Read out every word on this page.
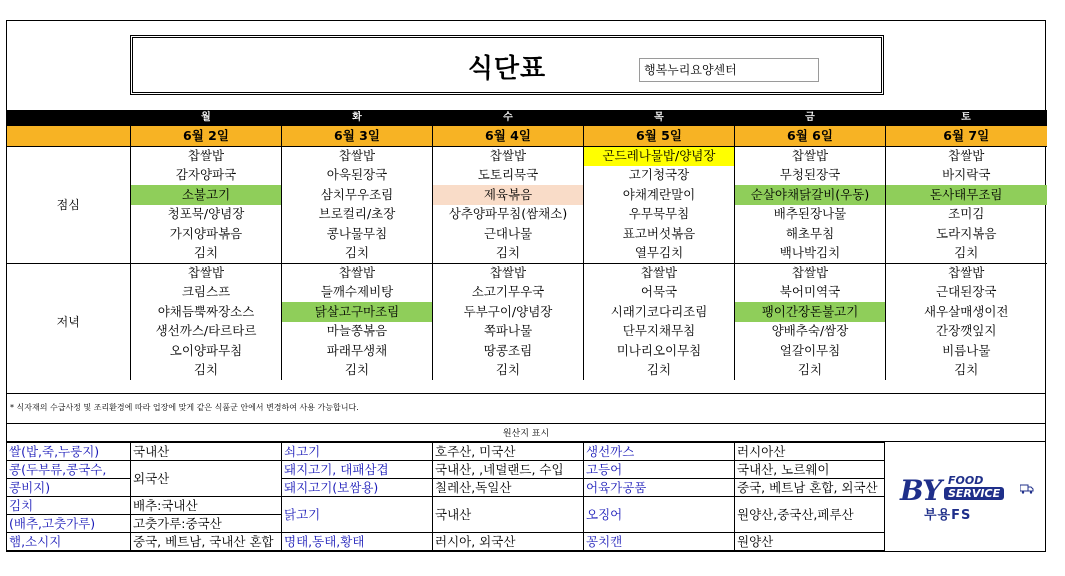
식단표	행복누리요양센터
	월	화	수	목	금	토
	6월 2일	6월 3일	6월 4일	6월 5일	6월 6일	6월 7일
점심	찹쌀밥	찹쌀밥	찹쌀밥	곤드레나물밥/양념장	찹쌀밥	찹쌀밥
	감자양파국	아욱된장국	도토리묵국	고기청국장	무청된장국	바지락국
	소불고기	삼치무우조림	제육볶음	야채계란말이	순살야채닭갈비(우동)	돈사태무조림
	청포묵/양념장	브로컬리/초장	상추양파무침(쌈채소)	우무묵무침	배추된장나물	조미김
	가지양파볶음	콩나물무침	근대나물	표고버섯볶음	해초무침	도라지볶음
	김치	김치	김치	열무김치	백나박김치	김치
저녁	찹쌀밥	찹쌀밥	찹쌀밥	찹쌀밥	찹쌀밥	찹쌀밥
	크림스프	들깨수제비탕	소고기무우국	어묵국	북어미역국	근대된장국
	야채듬뿍짜장소스	닭살고구마조림	두부구이/양념장	시래기코다리조림	팽이간장돈불고기	새우살매생이전
	생선까스/타르타르	마늘쫑볶음	쪽파나물	단무지채무침	양배추숙/쌈장	간장깻잎지
	오이양파무침	파래무생채	땅콩조림	미나리오이무침	얼갈이무침	비름나물
	김치	김치	김치	김치	김치	김치
* 식자재의 수급사정 및 조리환경에 따라 업장에 맞게 같은 식품군 안에서 변경하여 사용 가능합니다.
원산지 표시
쌀(밥,죽,누룽지)	국내산	쇠고기	호주산, 미국산	생선까스	러시아산
콩(두부류,콩국수,	외국산	돼지고기, 대패삼겹	국내산, ,네덜랜드, 수입	고등어	국내산, 노르웨이
콩비지)		돼지고기(보쌈용)	칠레산,독일산	어육가공품	중국, 베트남 혼합, 외국산
김치	배추:국내산	닭고기	국내산	오징어	원양산,중국산,페루산
(배추,고춧가루)	고춧가루:중국산				
햄,소시지	중국, 베트남, 국내산 혼합	명태,동태,황태	러시아, 외국산	꽁치캔	원양산
BY FOOD
SERVICE
부용FS
